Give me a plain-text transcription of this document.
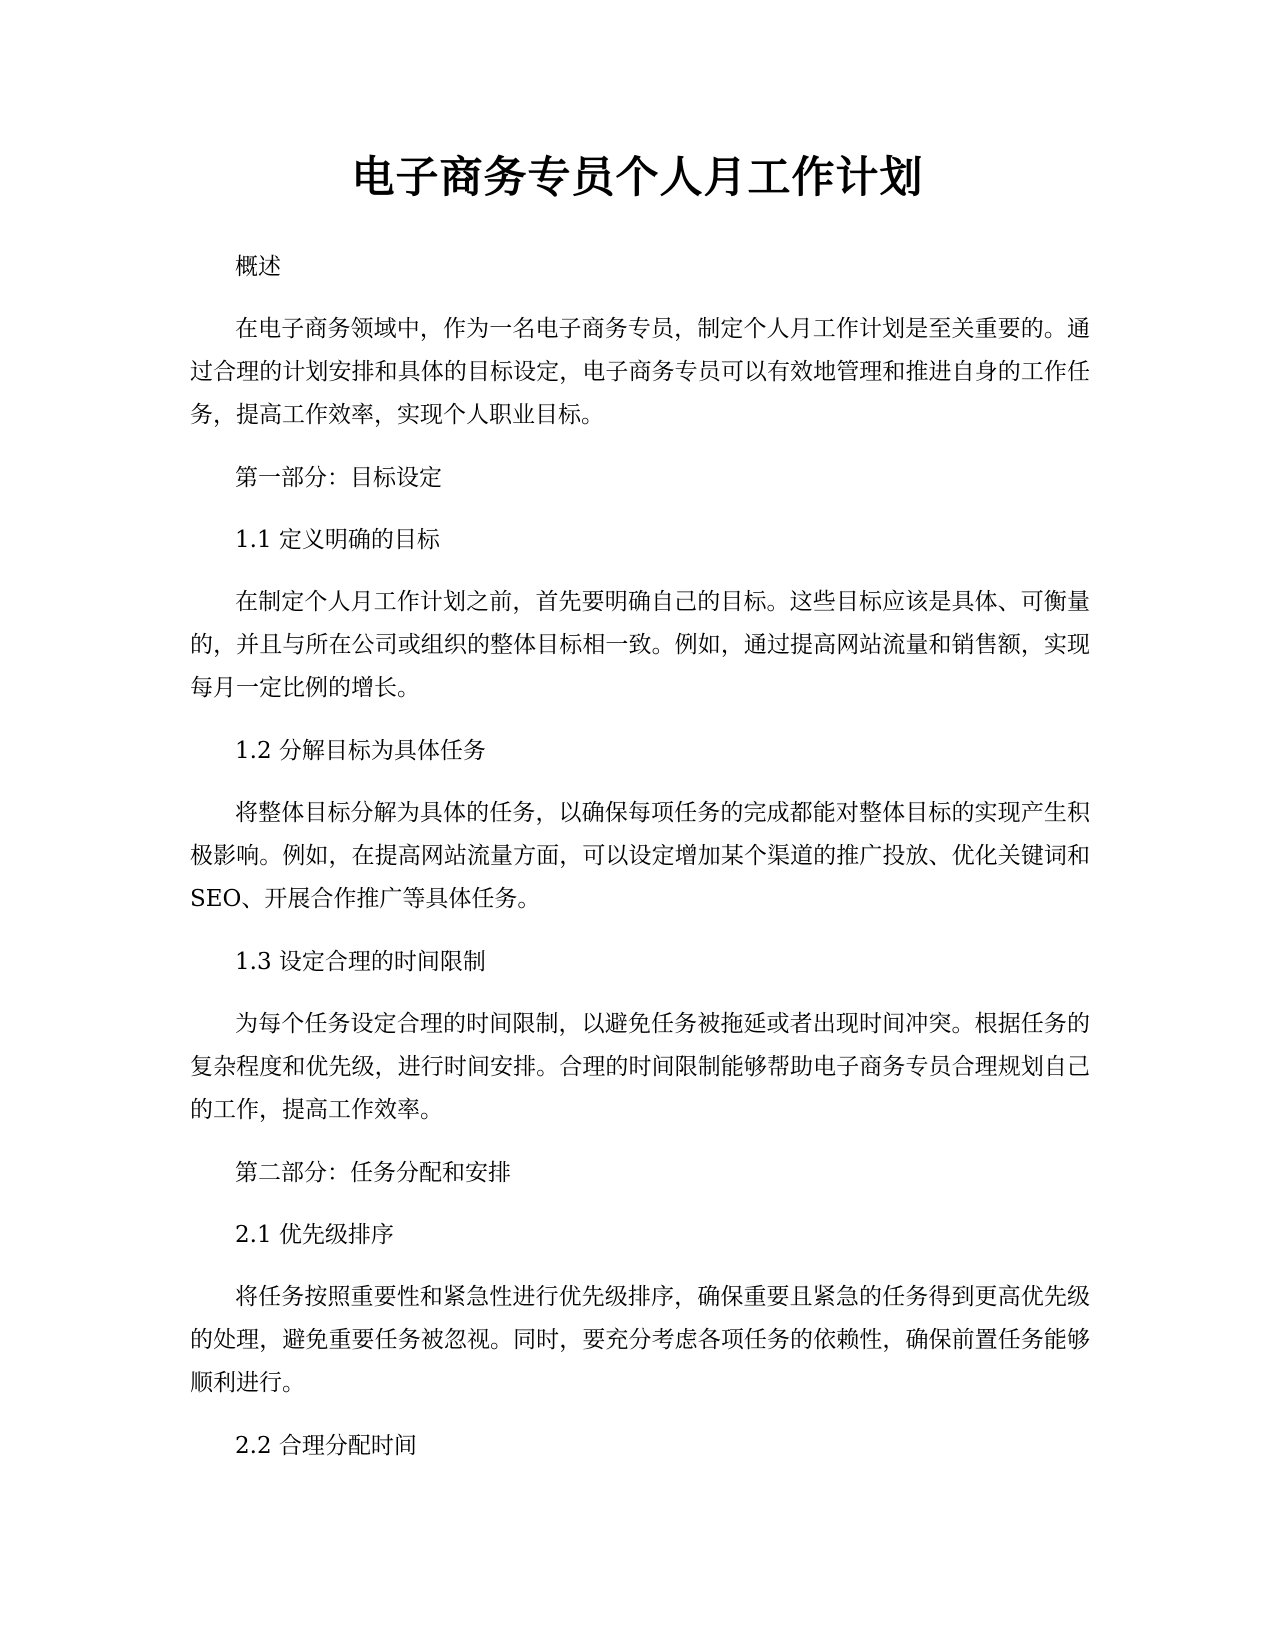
电子商务专员个人月工作计划

概述

在电子商务领域中，作为一名电子商务专员，制定个人月工作计划是至关重要的。通过合理的计划安排和具体的目标设定，电子商务专员可以有效地管理和推进自身的工作任务，提高工作效率，实现个人职业目标。

第一部分：目标设定

1.1 定义明确的目标

在制定个人月工作计划之前，首先要明确自己的目标。这些目标应该是具体、可衡量的，并且与所在公司或组织的整体目标相一致。例如，通过提高网站流量和销售额，实现每月一定比例的增长。

1.2 分解目标为具体任务

将整体目标分解为具体的任务，以确保每项任务的完成都能对整体目标的实现产生积极影响。例如，在提高网站流量方面，可以设定增加某个渠道的推广投放、优化关键词和SEO、开展合作推广等具体任务。

1.3 设定合理的时间限制

为每个任务设定合理的时间限制，以避免任务被拖延或者出现时间冲突。根据任务的复杂程度和优先级，进行时间安排。合理的时间限制能够帮助电子商务专员合理规划自己的工作，提高工作效率。

第二部分：任务分配和安排

2.1 优先级排序

将任务按照重要性和紧急性进行优先级排序，确保重要且紧急的任务得到更高优先级的处理，避免重要任务被忽视。同时，要充分考虑各项任务的依赖性，确保前置任务能够顺利进行。

2.2 合理分配时间
